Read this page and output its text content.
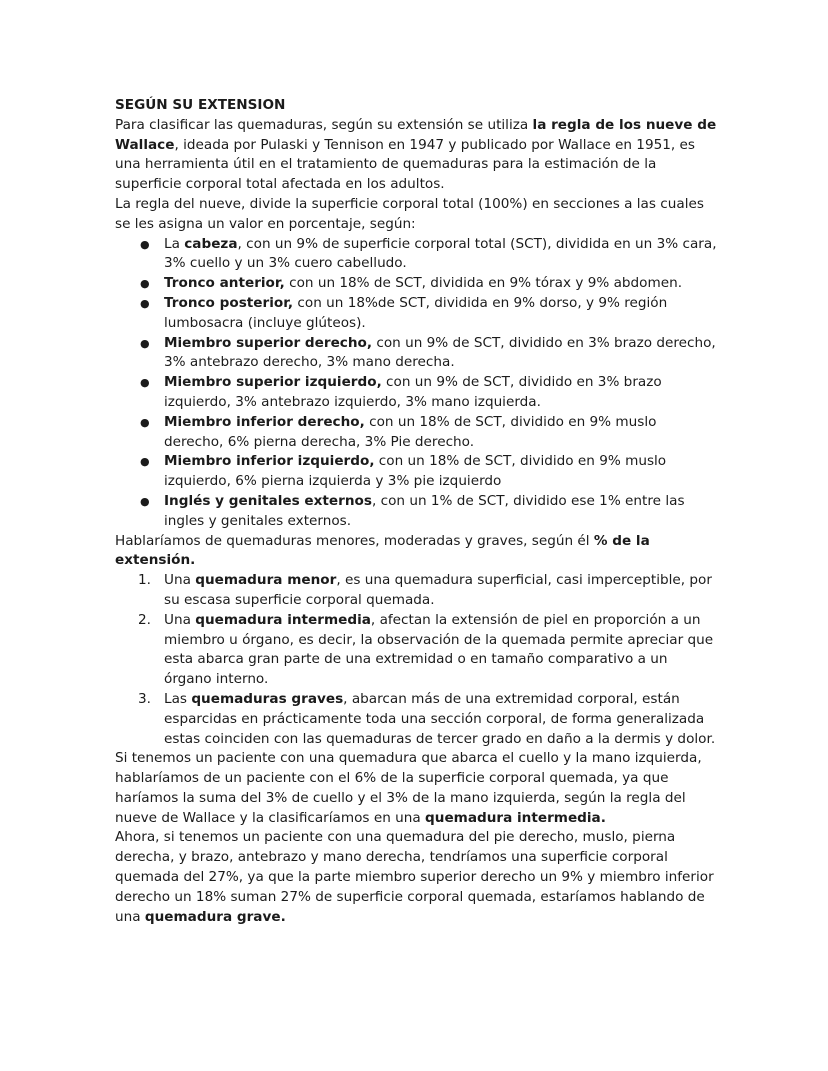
SEGÚN SU EXTENSION

Para clasificar las quemaduras, según su extensión se utiliza la regla de los nueve de Wallace, ideada por Pulaski y Tennison en 1947 y publicado por Wallace en 1951, es una herramienta útil en el tratamiento de quemaduras para la estimación de la superficie corporal total afectada en los adultos.

La regla del nueve, divide la superficie corporal total (100%) en secciones a las cuales se les asigna un valor en porcentaje, según:

● La cabeza, con un 9% de superficie corporal total (SCT), dividida en un 3% cara, 3% cuello y un 3% cuero cabelludo.
● Tronco anterior, con un 18% de SCT, dividida en 9% tórax y 9% abdomen.
● Tronco posterior, con un 18%de SCT, dividida en 9% dorso, y 9% región lumbosacra (incluye glúteos).
● Miembro superior derecho, con un 9% de SCT, dividido en 3% brazo derecho, 3% antebrazo derecho, 3% mano derecha.
● Miembro superior izquierdo, con un 9% de SCT, dividido en 3% brazo izquierdo, 3% antebrazo izquierdo, 3% mano izquierda.
● Miembro inferior derecho, con un 18% de SCT, dividido en 9% muslo derecho, 6% pierna derecha, 3% Pie derecho.
● Miembro inferior izquierdo, con un 18% de SCT, dividido en 9% muslo izquierdo, 6% pierna izquierda y 3% pie izquierdo
● Inglés y genitales externos, con un 1% de SCT, dividido ese 1% entre las ingles y genitales externos.

Hablaríamos de quemaduras menores, moderadas y graves, según él % de la extensión.

1. Una quemadura menor, es una quemadura superficial, casi imperceptible, por su escasa superficie corporal quemada.
2. Una quemadura intermedia, afectan la extensión de piel en proporción a un miembro u órgano, es decir, la observación de la quemada permite apreciar que esta abarca gran parte de una extremidad o en tamaño comparativo a un órgano interno.
3. Las quemaduras graves, abarcan más de una extremidad corporal, están esparcidas en prácticamente toda una sección corporal, de forma generalizada estas coinciden con las quemaduras de tercer grado en daño a la dermis y dolor.

Si tenemos un paciente con una quemadura que abarca el cuello y la mano izquierda, hablaríamos de un paciente con el 6% de la superficie corporal quemada, ya que haríamos la suma del 3% de cuello y el 3% de la mano izquierda, según la regla del nueve de Wallace y la clasificaríamos en una quemadura intermedia.

Ahora, si tenemos un paciente con una quemadura del pie derecho, muslo, pierna derecha, y brazo, antebrazo y mano derecha, tendríamos una superficie corporal quemada del 27%, ya que la parte miembro superior derecho un 9% y miembro inferior derecho un 18% suman 27% de superficie corporal quemada, estaríamos hablando de una quemadura grave.
